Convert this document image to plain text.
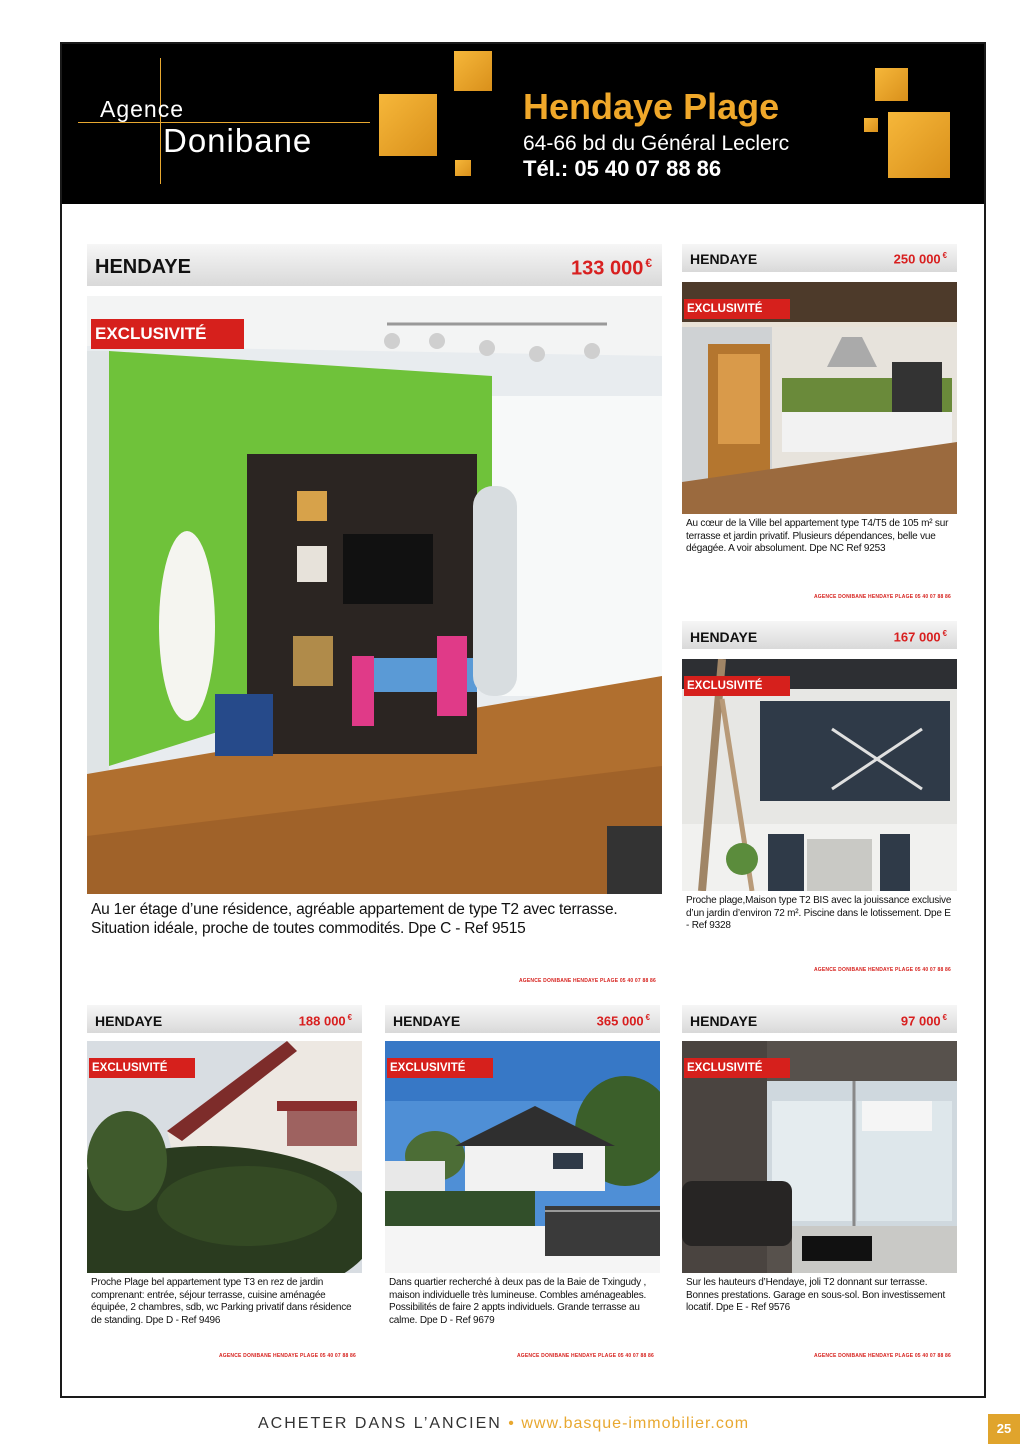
Agence
Donibane
Hendaye Plage
64-66 bd du Général Leclerc
Tél.: 05 40 07 88 86
HENDAYE	133 000 €
EXCLUSIVITÉ
Au 1er étage d’une résidence, agréable appartement de type T2 avec terrasse. Situation idéale, proche de toutes commodités. Dpe C - Ref 9515
AGENCE DONIBANE HENDAYE PLAGE 05 40 07 88 86
HENDAYE	250 000 €
EXCLUSIVITÉ
Au cœur de la Ville bel appartement type T4/T5 de 105 m² sur terrasse et jardin privatif. Plusieurs dépendances, belle vue dégagée. A voir absolument. Dpe NC Ref 9253
AGENCE DONIBANE HENDAYE PLAGE 05 40 07 88 86
HENDAYE	167 000 €
EXCLUSIVITÉ
Proche plage,Maison type T2 BIS avec la jouissance exclusive d’un jardin d’environ 72 m². Piscine dans le lotissement. Dpe E - Ref 9328
AGENCE DONIBANE HENDAYE PLAGE 05 40 07 88 86
HENDAYE	188 000 €
EXCLUSIVITÉ
Proche Plage bel appartement type T3 en rez de jardin comprenant: entrée, séjour terrasse, cuisine aménagée équipée, 2 chambres, sdb, wc Parking privatif dans résidence de standing. Dpe D - Ref 9496
AGENCE DONIBANE HENDAYE PLAGE 05 40 07 88 86
HENDAYE	365 000 €
EXCLUSIVITÉ
Dans quartier recherché à deux pas de la Baie de Txingudy , maison individuelle très lumineuse. Combles aménageables. Possibilités de faire 2 appts individuels. Grande terrasse au calme. Dpe D - Ref 9679
AGENCE DONIBANE HENDAYE PLAGE 05 40 07 88 86
HENDAYE	97 000 €
EXCLUSIVITÉ
Sur les hauteurs d’Hendaye, joli T2 donnant sur terrasse. Bonnes prestations. Garage en sous-sol. Bon investissement locatif. Dpe E - Ref 9576
AGENCE DONIBANE HENDAYE PLAGE 05 40 07 88 86
ACHETER DANS L’ANCIEN • www.basque-immobilier.com	25
